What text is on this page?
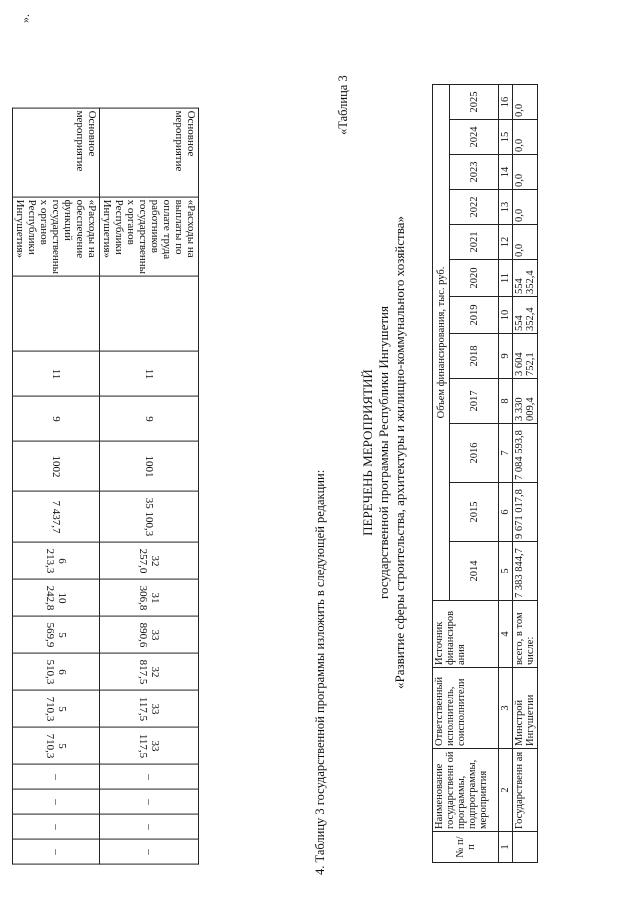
Основное мероприятие	«Расходы на выплаты по оплате труда работников государственны х органов Республики Ингушетия»		11	9	1001	35 100,3	32 257,0	31 306,8	33 890,6	32 817,5	33 117,5	33 117,5	–	–	–	–
Основное мероприятие	«Расходы на обеспечение функций государственны х органов Республики Ингушетия»		11	9	1002	7 437,7	6 213,3	10 242,8	5 569,9	6 510,3	5 710,3	5 710,3	–	–	–	–
».
4. Таблицу 3 государственной программы изложить в следующей редакции:
«Таблица 3
ПЕРЕЧЕНЬ МЕРОПРИЯТИЙ государственной программы Республики Ингушетия «Развитие сферы строительства, архитектуры и жилищно-коммунального хозяйства»
№ п/п	Наименование государственн ой программы, подпрограммы, мероприятия	Ответственный исполнитель, соисполнители	Источник финансиров ания	Объем финансирования, тыс. руб.											
				2014	2015	2016	2017	2018	2019	2020	2021	2022	2023	2024	2025
1	2	3	4	5	6	7	8	9	10	11	12	13	14	15	16
	Государственн ая	Минстрой Ингушетии	всего, в том числе:	7 383 844,7	9 671 017,8	7 084 593,8	3 330 009,4	3 604 752,1	554 352,4	554 352,4	0,0	0,0	0,0	0,0	0,0
